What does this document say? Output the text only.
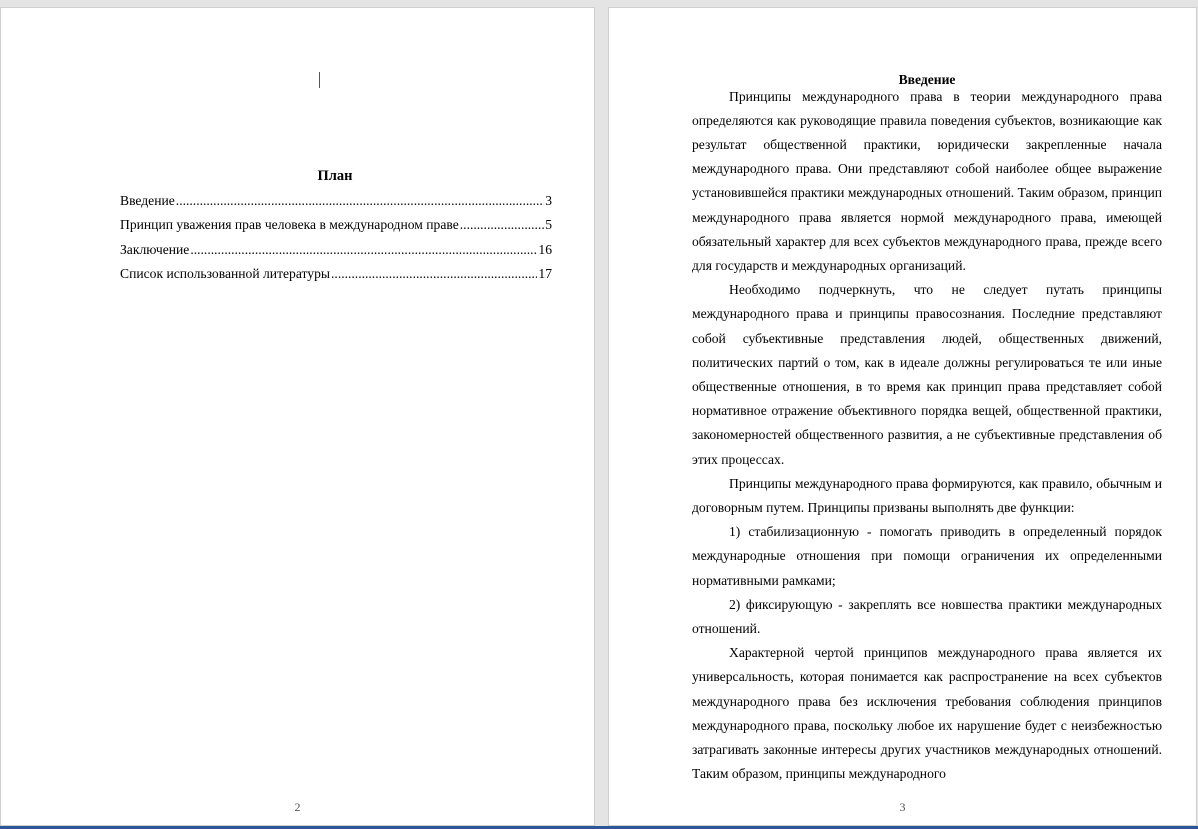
План
Введение .....	3
Принцип уважения прав человека в международном праве .....	5
Заключение .....	16
Список использованной литературы .....	17
2
Введение

Принципы международного права в теории международного права определяются как руководящие правила поведения субъектов, возникающие как результат общественной практики, юридически закрепленные начала международного права. Они представляют собой наиболее общее выражение установившейся практики международных отношений. Таким образом, принцип международного права является нормой международного права, имеющей обязательный характер для всех субъектов международного права, прежде всего для государств и международных организаций.

Необходимо подчеркнуть, что не следует путать принципы международного права и принципы правосознания. Последние представляют собой субъективные представления людей, общественных движений, политических партий о том, как в идеале должны регулироваться те или иные общественные отношения, в то время как принцип права представляет собой нормативное отражение объективного порядка вещей, общественной практики, закономерностей общественного развития, а не субъективные представления об этих процессах.

Принципы международного права формируются, как правило, обычным и договорным путем. Принципы призваны выполнять две функции:

1) стабилизационную - помогать приводить в определенный порядок международные отношения при помощи ограничения их определенными нормативными рамками;

2) фиксирующую - закреплять все новшества практики международных отношений.

Характерной чертой принципов международного права является их универсальность, которая понимается как распространение на всех субъектов международного права без исключения требования соблюдения принципов международного права, поскольку любое их нарушение будет с неизбежностью затрагивать законные интересы других участников международных отношений. Таким образом, принципы международного

3
